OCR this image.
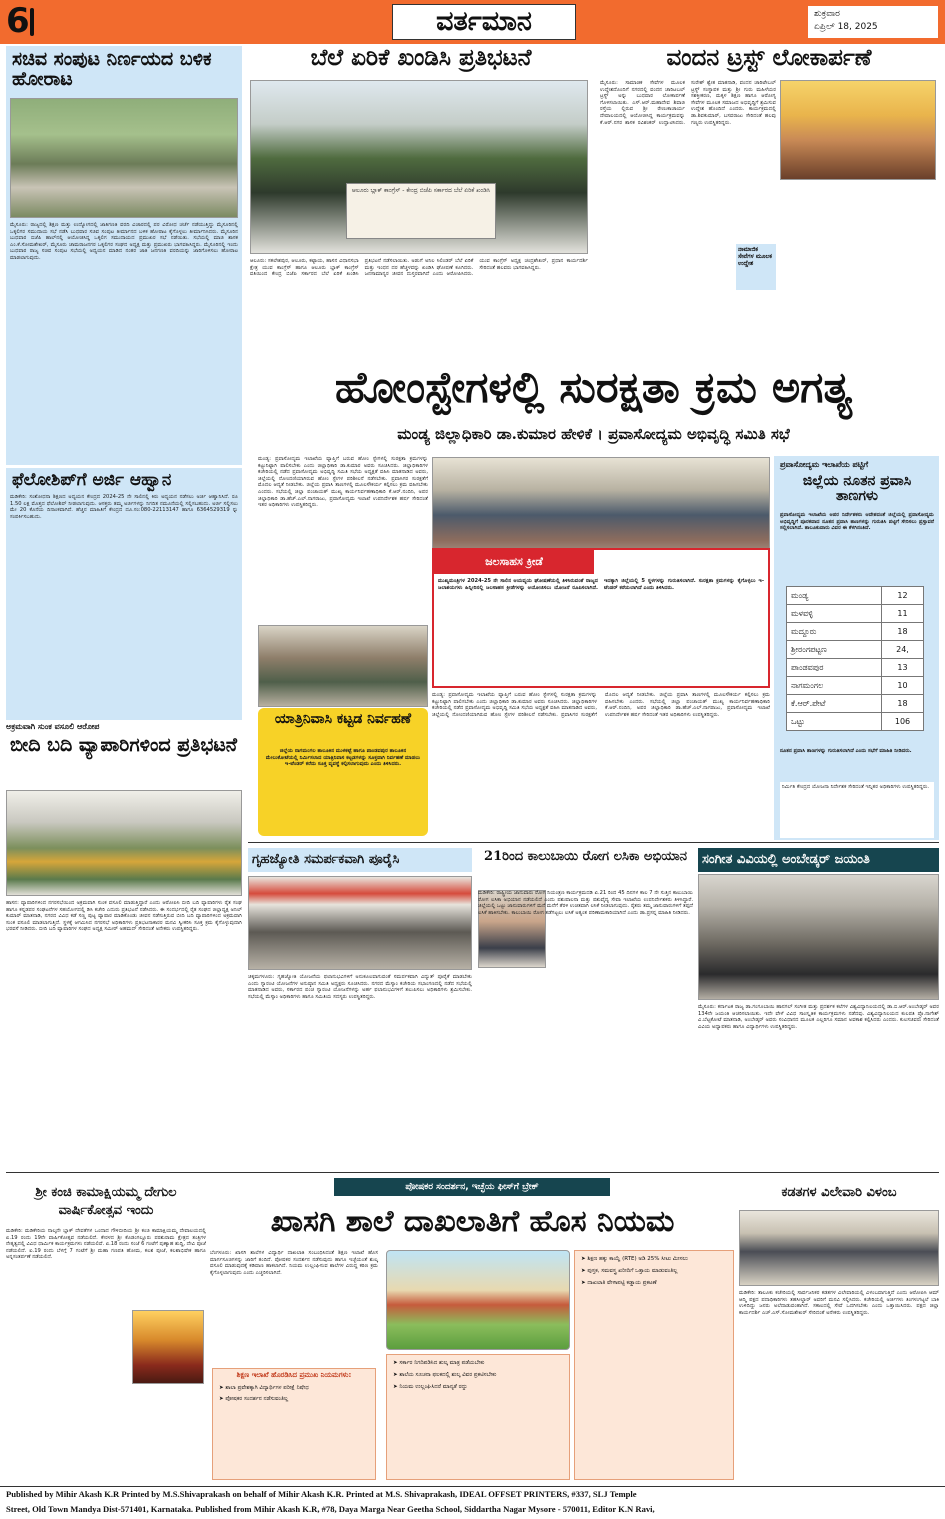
6	ವರ್ತಮಾನ	ಶುಕ್ರವಾರ
ಏಪ್ರಿಲ್ 18, 2025
ಸಚಿವ ಸಂಪುಟ ನಿರ್ಣಯದ ಬಳಿಕ ಹೋರಾಟ
ಮೈಸೂರು: ರಾಜ್ಯದಲ್ಲಿ ಶಿಕ್ಷಣ ಮತ್ತು ಉದ್ಯೋಗದಲ್ಲಿ ಜಾತಿಗಣತಿ ವರದಿ ವಿಚಾರದಲ್ಲಿ ಪರ ವಿರೋಧ ಚರ್ಚೆ ನಡೆಯುತ್ತಿದ್ದು ಮೈಸೂರಿನಲ್ಲಿ ಒಕ್ಕಲಿಗರ ಸಮುದಾಯ ಸಭೆ ನಡೆಸಿ ಬುಧವಾರ ಸಚಿವ ಸಂಪುಟ ತೀರ್ಮಾನದ ಬಳಿಕ ಹೋರಾಟ ಕೈಗೊಳ್ಳಲು ತೀರ್ಮಾನಿಸಿದರು. ಮೈಸೂರಿನ ಬುಧವಾರ ಬಿಜೆಪಿ ಹಾಲ್‌ನಲ್ಲಿ ಆಯೋಜಿಸಿದ್ದ ಒಕ್ಕಲಿಗ ಸಮುದಾಯದ ಪ್ರಮುಖರ ಸಭೆ ನಡೆಯಿತು. ಸಭೆಯಲ್ಲಿ ಮಾಜಿ ಶಾಸಕ ಎಂ.ಕೆ.ಸೋಮಶೇಖರ್, ಮೈಸೂರು ಚಾಮರಾಜನಗರ ಒಕ್ಕಲಿಗರ ಸಂಘದ ಅಧ್ಯಕ್ಷ ಮತ್ತು ಪ್ರಮುಖರು ಭಾಗವಹಿಸಿದ್ದರು. ಮೈಸೂರಿನಲ್ಲಿ ಇಂದು ಬುಧವಾರ ರಾಜ್ಯ ಸಚಿವ ಸಂಪುಟ ಸಭೆಯಲ್ಲಿ ಅಧ್ಯಯನ ಮಾಡಿದ ನಂತರ ಜಾತಿ ಜನಗಣತಿ ವರದಿಯನ್ನು ಜಾರಿಗೊಳಿಸಲು ಹೋರಾಟ ಮಾಡಲಾಗುವುದು.
ಫೆಲೋಶಿಪ್‌ಗೆ ಅರ್ಜಿ ಆಹ್ವಾನ
ಮಡಿಕೇರಿ: ಸಂಶೋಧನಾ ಶಿಕ್ಷಣದ ಅಧ್ಯಯನ ಕೇಂದ್ರದ 2024-25 ನೇ ಸಾಲಿನಲ್ಲಿ ಕಿರು ಅಧ್ಯಯನ ನಡೆಸಲು ಅರ್ಜಿ ಆಹ್ವಾನಿಸಿದೆ. ರೂ 1.50 ಲಕ್ಷ ಮೊತ್ತದ ಫೆಲೋಶಿಪ್ ನೀಡಲಾಗುವುದು. ಆಸಕ್ತರು ತಮ್ಮ ಅರ್ಜಿಗಳನ್ನು ನಿಗದಿತ ನಮೂನೆಯಲ್ಲಿ ಸಲ್ಲಿಸಬಹುದು. ಅರ್ಜಿ ಸಲ್ಲಿಸಲು ಮೇ 20 ಕೊನೆಯ ದಿನಾಂಕವಾಗಿದೆ. ಹೆಚ್ಚಿನ ಮಾಹಿತಿಗೆ ಕೇಂದ್ರದ ದೂ.ಸಂ:080-22113147 ಹಾಗೂ 6364529319 ನ್ನು ಸಂಪರ್ಕಿಸಬಹುದು.
ಅಕ್ರಮವಾಗಿ ಸುಂಕ ವಸೂಲಿ ಆರೋಪ
ಬೀದಿ ಬದಿ ವ್ಯಾಪಾರಿಗಳಿಂದ ಪ್ರತಿಭಟನೆ
ಹಾಸನ: ವ್ಯಾಪಾರಿಗಳಿಂದ ನಗರಸಭೆಯಿಂದ ಅಕ್ರಮವಾಗಿ ಸುಂಕ ವಸೂಲಿ ಮಾಡುತ್ತಿದ್ದಾರೆ ಎಂದು ಆರೋಪಿಸಿ ಬೀದಿ ಬದಿ ವ್ಯಾಪಾರಿಗಳು ರೈತ ಸಂಘ ಹಾಗೂ ಕನ್ನಡಪರ ಸಂಘಟನೆಗಳ ಸಹಯೋಗದಲ್ಲಿ ಡಿಸಿ ಕಚೇರಿ ಎದುರು ಪ್ರತಿಭಟನೆ ನಡೆಸಿದರು. ಈ ಸಂದರ್ಭದಲ್ಲಿ ರೈತ ಸಂಘದ ಜಿಲ್ಲಾಧ್ಯಕ್ಷ ಅನಿಲ್ ಕುಮಾರ್ ಮಾತನಾಡಿ, ನಗರದ ವಿವಿಧ ಕಡೆ ಸಣ್ಣ ಪುಟ್ಟ ವ್ಯಾಪಾರ ಮಾಡಿಕೊಂಡು ಜೀವನ ನಡೆಸುತ್ತಿರುವ ಬೀದಿ ಬದಿ ವ್ಯಾಪಾರಿಗಳಿಂದ ಅಕ್ರಮವಾಗಿ ಸುಂಕ ವಸೂಲಿ ಮಾಡಲಾಗುತ್ತಿದೆ. ಸ್ಥಳಕ್ಕೆ ಆಗಮಿಸಿದ ನಗರಸಭೆ ಅಧಿಕಾರಿಗಳು ಪ್ರತಿಭಟನಾಕಾರರ ಮನವಿ ಸ್ವೀಕರಿಸಿ ಸೂಕ್ತ ಕ್ರಮ ಕೈಗೊಳ್ಳುವುದಾಗಿ ಭರವಸೆ ನೀಡಿದರು. ಬೀದಿ ಬದಿ ವ್ಯಾಪಾರಿಗಳ ಸಂಘದ ಅಧ್ಯಕ್ಷ ಸಮೀರ್ ಅಹಮದ್ ಸೇರಿದಂತೆ ಅನೇಕರು ಉಪಸ್ಥಿತರಿದ್ದರು.
ಬೆಲೆ ಏರಿಕೆ ಖಂಡಿಸಿ ಪ್ರತಿಭಟನೆ
ಆಲೂರು ಬ್ಲಾಕ್ ಕಾಂಗ್ರೆಸ್ - ಕೇಂದ್ರ ಬಿಜೆಪಿ ಸರ್ಕಾರದ ಬೆಲೆ ಏರಿಕೆ ಖಂಡಿಸಿ
ಆಲೂರು: ಸಕಲೇಶಪುರ, ಆಲೂರು, ಕಟ್ಟಾಯ, ಹಾಸನ ವಿಧಾನಸಭಾ ಕ್ಷೇತ್ರ ಯುವ ಕಾಂಗ್ರೆಸ್ ಹಾಗೂ ಆಲೂರು ಬ್ಲಾಕ್ ಕಾಂಗ್ರೆಸ್ ವತಿಯಿಂದ ಕೇಂದ್ರ ಬಿಜೆಪಿ ಸರ್ಕಾರದ ಬೆಲೆ ಏರಿಕೆ ಖಂಡಿಸಿ ಪ್ರತಿಭಟನೆ ನಡೆಸಲಾಯಿತು. ಅಡುಗೆ ಅನಿಲ ಸಿಲಿಂಡರ್ ಬೆಲೆ ಏರಿಕೆ ಮತ್ತು ಇಂಧನ ದರ ಹೆಚ್ಚಳವನ್ನು ಖಂಡಿಸಿ ಘೋಷಣೆ ಕೂಗಿದರು. ಜನಸಾಮಾನ್ಯರ ಜೀವನ ದುಸ್ತರವಾಗಿದೆ ಎಂದು ಆರೋಪಿಸಿದರು. ಯುವ ಕಾಂಗ್ರೆಸ್ ಅಧ್ಯಕ್ಷ ಚಂದ್ರಶೇಖರ್, ಪ್ರಧಾನ ಕಾರ್ಯದರ್ಶಿ ಸೇರಿದಂತೆ ಹಲವರು ಭಾಗವಹಿಸಿದ್ದರು.
ವಂದನ ಟ್ರಸ್ಟ್ ಲೋಕಾರ್ಪಣೆ
ನಾಮಾಜಿಕ ಸೇವೆಗಳ ಮೂಲಕ ಉದ್ದೇಶ
ಮೈಸೂರು: ಸಾಮಾಜಿಕ ಸೇವೆಗಳ ಮೂಲಕ ಉದ್ದೇಶದೊಂದಿಗೆ ನಗರದಲ್ಲಿ ವಂದನ ಚಾರಿಟಬಲ್ ಟ್ರಸ್ಟ್ ಅನ್ನು ಬುಧವಾರ ಲೋಕಾರ್ಪಣೆ ಗೊಳಿಸಲಾಯಿತು. ಎಸ್.ಆರ್.ಮಹಾದೇವ ಶಿವಾಜಿ ರಸ್ತೆಯ ಲ್ಲಿರುವ ಶ್ರೀ ರೇಣುಕಾಚಾರ್ಯ ದೇವಾಲಯದಲ್ಲಿ ಆಯೋಜಿಸಿದ್ದ ಕಾರ್ಯಕ್ರಮವನ್ನು ಕೆ.ಆರ್.ನಗರ ಶಾಸಕ ರವಿಶಂಕರ್ ಉದ್ಘಾಟಿಸಿದರು. ಸುರೇಶ್ ಶ್ವೇತ ಮಾತನಾಡಿ, ವಂದನ ಚಾರಿಟೇಬಲ್ ಟ್ರಸ್ಟ್ ಸಂಸ್ಥಾಪಕ ಮತ್ತು ಶ್ರೀ ಗುರು ಮಹಿಳೆಯರ ಸಶಕ್ತೀಕರಣ, ಮಕ್ಕಳ ಶಿಕ್ಷಣ ಹಾಗೂ ಆರೋಗ್ಯ ಸೇವೆಗಳ ಮೂಲಕ ಸಮಾಜದ ಅಭಿವೃದ್ಧಿಗೆ ಶ್ರಮಿಸುವ ಉದ್ದೇಶ ಹೊಂದಿದೆ ಎಂದರು. ಕಾರ್ಯಕ್ರಮದಲ್ಲಿ ಡಾ.ಶಿವಕುಮಾರ್, ಬಸವರಾಜು ಸೇರಿದಂತೆ ಹಲವು ಗಣ್ಯರು ಉಪಸ್ಥಿತರಿದ್ದರು.
ಹೋಂಸ್ಟೇಗಳಲ್ಲಿ ಸುರಕ್ಷತಾ ಕ್ರಮ ಅಗತ್ಯ
ಮಂಡ್ಯ ಜಿಲ್ಲಾಧಿಕಾರಿ ಡಾ.ಕುಮಾರ ಹೇಳಿಕೆ । ಪ್ರವಾಸೋದ್ಯಮ ಅಭಿವೃದ್ಧಿ ಸಮಿತಿ ಸಭೆ
ಮಂಡ್ಯ: ಪ್ರವಾಸೋದ್ಯಮ ಇಲಾಖೆಯ ವ್ಯಾಪ್ತಿಗೆ ಬರುವ ಹೋಂ ಸ್ಟೇಗಳಲ್ಲಿ ಸುರಕ್ಷತಾ ಕ್ರಮಗಳನ್ನು ಕಟ್ಟುನಿಟ್ಟಾಗಿ ಪಾಲಿಸಬೇಕು ಎಂದು ಜಿಲ್ಲಾಧಿಕಾರಿ ಡಾ.ಕುಮಾರ ಅವರು ಸೂಚಿಸಿದರು. ಜಿಲ್ಲಾಧಿಕಾರಿಗಳ ಕಚೇರಿಯಲ್ಲಿ ನಡೆದ ಪ್ರವಾಸೋದ್ಯಮ ಅಭಿವೃದ್ಧಿ ಸಮಿತಿ ಸಭೆಯ ಅಧ್ಯಕ್ಷತೆ ವಹಿಸಿ ಮಾತನಾಡಿದ ಅವರು, ಜಿಲ್ಲೆಯಲ್ಲಿ ನೋಂದಣಿಯಾಗಿರುವ ಹೋಂ ಸ್ಟೇಗಳ ಪರಿಶೀಲನೆ ನಡೆಸಬೇಕು. ಪ್ರವಾಸಿಗರ ಸುರಕ್ಷತೆಗೆ ಮೊದಲ ಆದ್ಯತೆ ನೀಡಬೇಕು. ಜಿಲ್ಲೆಯ ಪ್ರವಾಸಿ ತಾಣಗಳಲ್ಲಿ ಮೂಲಸೌಕರ್ಯ ಕಲ್ಪಿಸಲು ಕ್ರಮ ವಹಿಸಬೇಕು ಎಂದರು. ಸಭೆಯಲ್ಲಿ ಜಿಲ್ಲಾ ಪಂಚಾಯತ್ ಮುಖ್ಯ ಕಾರ್ಯನಿರ್ವಹಣಾಧಿಕಾರಿ ಕೆ.ಆರ್.ನಂದಿನಿ, ಅಪರ ಜಿಲ್ಲಾಧಿಕಾರಿ ಡಾ.ಹೆಚ್.ಎಲ್.ನಾಗರಾಜು, ಪ್ರವಾಸೋದ್ಯಮ ಇಲಾಖೆ ಉಪನಿರ್ದೇಶಕ ಹರ್ಷ ಸೇರಿದಂತೆ ಇತರ ಅಧಿಕಾರಿಗಳು ಉಪಸ್ಥಿತರಿದ್ದರು.
ಜಲಸಾಹಸ ಕ್ರೀಡೆ
ಮುಖ್ಯಮಂತ್ರಿಗಳ 2024-25 ನೇ ಸಾಲಿನ ಆಯವ್ಯಯ ಘೋಷಣೆಯಲ್ಲಿ ತಿಳಿಸಿರುವಂತೆ ರಾಜ್ಯದ ಜಲಾಶಯಗಳು ಹಿನ್ನೀರಿನಲ್ಲಿ ಜಲಸಾಹಸ ಕ್ರೀಡೆಗಳನ್ನು ಆಯೋಜಿಸಲು ಯೋಜನೆ ರೂಪಿಸಲಾಗಿದೆ. ಇದಕ್ಕಾಗಿ ಜಿಲ್ಲೆಯಲ್ಲಿ 5 ಸ್ಥಳಗಳನ್ನು ಗುರುತಿಸಲಾಗಿದೆ. ಸುರಕ್ಷತಾ ಕ್ರಮಗಳನ್ನು ಕೈಗೊಳ್ಳಲು ಇ-ಟೆಂಡರ್ ಕರೆಯಲಾಗಿದೆ ಎಂದು ತಿಳಿಸಿದರು.
ಯಾತ್ರಿನಿವಾಸಿ ಕಟ್ಟಡ ನಿರ್ವಹಣೆ
ಜಿಲ್ಲೆಯ ನಾಗಮಂಗಲ ತಾಲೂಕಿನ ಮುಳಕಟ್ಟೆ ಹಾಗೂ ಪಾಂಡವಪುರ ತಾಲೂಕಿನ ಮೇಲುಕೋಟೆಯಲ್ಲಿ ನಿರ್ಮಿಸಲಾದ ಯಾತ್ರಿನಿವಾಸ ಕಟ್ಟಡಗಳನ್ನು ಸೂಕ್ತವಾಗಿ ನಿರ್ವಹಣೆ ಮಾಡಲು ಇ-ಟೆಂಡರ್ ಕರೆದು ಸೂಕ್ತ ವ್ಯವಸ್ಥೆ ಕಲ್ಪಿಸಲಾಗುವುದು ಎಂದು ತಿಳಿಸಿದರು.
ಮಂಡ್ಯ: ಪ್ರವಾಸೋದ್ಯಮ ಇಲಾಖೆಯ ವ್ಯಾಪ್ತಿಗೆ ಬರುವ ಹೋಂ ಸ್ಟೇಗಳಲ್ಲಿ ಸುರಕ್ಷತಾ ಕ್ರಮಗಳನ್ನು ಕಟ್ಟುನಿಟ್ಟಾಗಿ ಪಾಲಿಸಬೇಕು ಎಂದು ಜಿಲ್ಲಾಧಿಕಾರಿ ಡಾ.ಕುಮಾರ ಅವರು ಸೂಚಿಸಿದರು. ಜಿಲ್ಲಾಧಿಕಾರಿಗಳ ಕಚೇರಿಯಲ್ಲಿ ನಡೆದ ಪ್ರವಾಸೋದ್ಯಮ ಅಭಿವೃದ್ಧಿ ಸಮಿತಿ ಸಭೆಯ ಅಧ್ಯಕ್ಷತೆ ವಹಿಸಿ ಮಾತನಾಡಿದ ಅವರು, ಜಿಲ್ಲೆಯಲ್ಲಿ ನೋಂದಣಿಯಾಗಿರುವ ಹೋಂ ಸ್ಟೇಗಳ ಪರಿಶೀಲನೆ ನಡೆಸಬೇಕು. ಪ್ರವಾಸಿಗರ ಸುರಕ್ಷತೆಗೆ ಮೊದಲ ಆದ್ಯತೆ ನೀಡಬೇಕು. ಜಿಲ್ಲೆಯ ಪ್ರವಾಸಿ ತಾಣಗಳಲ್ಲಿ ಮೂಲಸೌಕರ್ಯ ಕಲ್ಪಿಸಲು ಕ್ರಮ ವಹಿಸಬೇಕು ಎಂದರು. ಸಭೆಯಲ್ಲಿ ಜಿಲ್ಲಾ ಪಂಚಾಯತ್ ಮುಖ್ಯ ಕಾರ್ಯನಿರ್ವಹಣಾಧಿಕಾರಿ ಕೆ.ಆರ್.ನಂದಿನಿ, ಅಪರ ಜಿಲ್ಲಾಧಿಕಾರಿ ಡಾ.ಹೆಚ್.ಎಲ್.ನಾಗರಾಜು, ಪ್ರವಾಸೋದ್ಯಮ ಇಲಾಖೆ ಉಪನಿರ್ದೇಶಕ ಹರ್ಷ ಸೇರಿದಂತೆ ಇತರ ಅಧಿಕಾರಿಗಳು ಉಪಸ್ಥಿತರಿದ್ದರು.
ಪ್ರವಾಸೋದ್ಯಮ ಇಲಾಖೆಯ ಪಟ್ಟಿಗೆ
ಜಿಲ್ಲೆಯ ನೂತನ ಪ್ರವಾಸಿ ತಾಣಗಳು
ಪ್ರವಾಸೋದ್ಯಮ ಇಲಾಖೆಯ ಅಪರ ನಿರ್ದೇಶಕರು ಆದೇಶದಂತೆ ಜಿಲ್ಲೆಯಲ್ಲಿ ಪ್ರವಾಸೋದ್ಯಮ ಅಭಿವೃದ್ಧಿಗೆ ಪೂರಕವಾದ ನೂತನ ಪ್ರವಾಸಿ ತಾಣಗಳನ್ನು ಗುರುತಿಸಿ ಪಟ್ಟಿಗೆ ಸೇರಿಸಲು ಪ್ರಸ್ತಾವನೆ ಸಲ್ಲಿಸಲಾಗಿದೆ. ತಾಲೂಕುವಾರು ವಿವರ ಈ ಕೆಳಗಿನಂತಿದೆ.
ಮಂಡ್ಯ	12
ಮಳವಳ್ಳಿ	11
ಮದ್ದೂರು	18
ಶ್ರೀರಂಗಪಟ್ಟಣ	24,
ಪಾಂಡವಪುರ	13
ನಾಗಮಂಗಲ	10
ಕೆ.ಆರ್.ಪೇಟೆ	18
ಒಟ್ಟು	106
ನೂತನ ಪ್ರವಾಸಿ ತಾಣಗಳನ್ನು ಗುರುತಿಸಲಾಗಿದೆ ಎಂದು ಸಭೆಗೆ ಮಾಹಿತಿ ನೀಡಿದರು.
ನಿರ್ಮಿತಿ ಕೇಂದ್ರದ ಯೋಜನಾ ನಿರ್ದೇಶಕ ಸೇರಿದಂತೆ ಇನ್ನಿತರ ಅಧಿಕಾರಿಗಳು ಉಪಸ್ಥಿತರಿದ್ದರು.
ಗೃಹಜ್ಯೋತಿ ಸಮರ್ಪಕವಾಗಿ ಪೂರೈಸಿ
ಚಿಕ್ಕಮಗಳೂರು: ಗೃಹಜ್ಯೋತಿ ಯೋಜನೆಯ ಫಲಾನುಭವಿಗಳಿಗೆ ಅನುಕೂಲವಾಗುವಂತೆ ಸಮರ್ಪಕವಾಗಿ ವಿದ್ಯುತ್ ಪೂರೈಕೆ ಮಾಡಬೇಕು ಎಂದು ಗ್ಯಾರಂಟಿ ಯೋಜನೆಗಳ ಅನುಷ್ಠಾನ ಸಮಿತಿ ಅಧ್ಯಕ್ಷರು ಸೂಚಿಸಿದರು. ನಗರದ ಮೆಸ್ಕಾಂ ಕಚೇರಿಯ ಸಭಾಂಗಣದಲ್ಲಿ ನಡೆದ ಸಭೆಯಲ್ಲಿ ಮಾತನಾಡಿದ ಅವರು, ಸರ್ಕಾರದ ಪಂಚ ಗ್ಯಾರಂಟಿ ಯೋಜನೆಗಳನ್ನು ಅರ್ಹ ಫಲಾನುಭವಿಗಳಿಗೆ ತಲುಪಿಸಲು ಅಧಿಕಾರಿಗಳು ಶ್ರಮಿಸಬೇಕು. ಸಭೆಯಲ್ಲಿ ಮೆಸ್ಕಾಂ ಅಧಿಕಾರಿಗಳು ಹಾಗೂ ಸಮಿತಿಯ ಸದಸ್ಯರು ಉಪಸ್ಥಿತರಿದ್ದರು.
21ರಿಂದ ಕಾಲುಬಾಯಿ ರೋಗ ಲಸಿಕಾ ಅಭಿಯಾನ
ಮಡಿಕೇರಿ: ರಾಷ್ಟ್ರೀಯ ಜಾನುವಾರು ರೋಗ ನಿಯಂತ್ರಣ ಕಾರ್ಯಕ್ರಮದಡಿ ಏ.21 ರಿಂದ 45 ದಿನಗಳ ಕಾಲ 7 ನೇ ಸುತ್ತಿನ ಕಾಲುಬಾಯಿ ರೋಗ ಲಸಿಕಾ ಅಭಿಯಾನ ನಡೆಯಲಿದೆ ಎಂದು ಪಶುಪಾಲನಾ ಮತ್ತು ಪಶುವೈದ್ಯ ಸೇವಾ ಇಲಾಖೆಯ ಉಪನಿರ್ದೇಶಕರು ತಿಳಿಸಿದ್ದಾರೆ. ಜಿಲ್ಲೆಯಲ್ಲಿ ಒಟ್ಟು ಜಾನುವಾರುಗಳಿಗೆ ಮನೆ ಮನೆಗೆ ತೆರಳಿ ಉಚಿತವಾಗಿ ಲಸಿಕೆ ನೀಡಲಾಗುವುದು. ರೈತರು ತಮ್ಮ ಜಾನುವಾರುಗಳಿಗೆ ತಪ್ಪದೆ ಲಸಿಕೆ ಹಾಕಿಸಬೇಕು. ಕಾಲುಬಾಯಿ ರೋಗ ತಡೆಗಟ್ಟಲು ಲಸಿಕೆ ಅತ್ಯಂತ ಪರಿಣಾಮಕಾರಿಯಾಗಿದೆ ಎಂದು ಡಾ.ಪ್ರಸನ್ನ ಮಾಹಿತಿ ನೀಡಿದರು.
ಸಂಗೀತ ವಿವಿಯಲ್ಲಿ ಅಂಬೇಡ್ಕರ್ ಜಯಂತಿ
ಮೈಸೂರು: ಕರ್ನಾಟಕ ರಾಜ್ಯ ಡಾ.ಗಂಗೂಬಾಯಿ ಹಾನಗಲ್ ಸಂಗೀತ ಮತ್ತು ಪ್ರದರ್ಶಕ ಕಲೆಗಳ ವಿಶ್ವವಿದ್ಯಾನಿಲಯದಲ್ಲಿ ಡಾ.ಬಿ.ಆರ್.ಅಂಬೇಡ್ಕರ್ ಅವರ 134ನೇ ಜಯಂತಿ ಆಚರಿಸಲಾಯಿತು. ಇದೇ ವೇಳೆ ವಿವಿಧ ಸಾಂಸ್ಕೃತಿಕ ಕಾರ್ಯಕ್ರಮಗಳು ನಡೆದವು. ವಿಶ್ವವಿದ್ಯಾನಿಲಯದ ಕುಲಪತಿ ಪ್ರೊ.ನಾಗೇಶ್ ವಿ.ಬೆಟ್ಟಕೋಟೆ ಮಾತನಾಡಿ, ಅಂಬೇಡ್ಕರ್ ಅವರು ಸಂವಿಧಾನದ ಮೂಲಕ ಎಲ್ಲರಿಗೂ ಸಮಾನ ಅವಕಾಶ ಕಲ್ಪಿಸಿದರು ಎಂದರು. ಕುಲಸಚಿವರು ಸೇರಿದಂತೆ ವಿವಿಯ ಅಧ್ಯಾಪಕರು ಹಾಗೂ ವಿದ್ಯಾರ್ಥಿಗಳು ಉಪಸ್ಥಿತರಿದ್ದರು.
ಶ್ರೀ ಕಂಚಿ ಕಾಮಾಕ್ಷಿಯಮ್ಮ ದೇಗುಲ ವಾರ್ಷಿಕೋತ್ಸವ ಇಂದು
ಮಡಿಕೇರಿ: ಮಡಿಕೇರಿಯ ನಾಲ್ಕನೇ ಬ್ಲಾಕ್ ದೇವತೆಗಳ ಒಂದಾದ ಗೌಳಿಬೀದಿಯ ಶ್ರೀ ಕಂಚಿ ಕಾಮಾಕ್ಷಿಯಮ್ಮ ದೇವಾಲಯದಲ್ಲಿ ಏ.19 ರಂದು 19ನೇ ವಾರ್ಷಿಕೋತ್ಸವ ನಡೆಯಲಿದೆ. ಕೇರಳದ ಶ್ರೀ ಕೊಡಂಗಲ್ಲೂರು ಪರಶುರಾಮ ಕ್ಷೇತ್ರದ ತಂತ್ರಿಗಳ ನೇತೃತ್ವದಲ್ಲಿ ವಿವಿಧ ಧಾರ್ಮಿಕ ಕಾರ್ಯಕ್ರಮಗಳು ನಡೆಯಲಿವೆ. ಏ.18 ರಂದು ಸಂಜೆ 6 ಗಂಟೆಗೆ ಪುಣ್ಯಾಹ ಶುದ್ಧಿ, ದೇವಿ ಪೂಜೆ ನಡೆಯಲಿದೆ. ಏ.19 ರಂದು ಬೆಳಗ್ಗೆ 7 ಗಂಟೆಗೆ ಶ್ರೀ ಮಹಾ ಗಣಪತಿ ಹೋಮ, ಕಲಶ ಪೂಜೆ, ಕಲಶಾಭಿಷೇಕ ಹಾಗೂ ಅನ್ನಸಂತರ್ಪಣೆ ನಡೆಯಲಿದೆ.
ಪೋಷಕರ ಸಂದರ್ಶನ, ಇಚ್ಛೆಯ ಫೀಸ್‌ಗೆ ಬ್ರೇಕ್
ಖಾಸಗಿ ಶಾಲೆ ದಾಖಲಾತಿಗೆ ಹೊಸ ನಿಯಮ
ಬೆಂಗಳೂರು: ಖಾಸಗಿ ಶಾಲೆಗಳ ವಿದ್ಯಾರ್ಥಿ ದಾಖಲಾತಿ ಸಂಬಂಧಿಸಿದಂತೆ ಶಿಕ್ಷಣ ಇಲಾಖೆ ಹೊಸ ಮಾರ್ಗಸೂಚಿಗಳನ್ನು ಜಾರಿಗೆ ತಂದಿದೆ. ಪೋಷಕರ ಸಂದರ್ಶನ ನಡೆಸುವುದು ಹಾಗೂ ಇಚ್ಛೆಯಂತೆ ಶುಲ್ಕ ವಸೂಲಿ ಮಾಡುವುದಕ್ಕೆ ಕಡಿವಾಣ ಹಾಕಲಾಗಿದೆ. ನಿಯಮ ಉಲ್ಲಂಘಿಸುವ ಶಾಲೆಗಳ ವಿರುದ್ಧ ಕಠಿಣ ಕ್ರಮ ಕೈಗೊಳ್ಳಲಾಗುವುದು ಎಂದು ಎಚ್ಚರಿಸಲಾಗಿದೆ.
ಶಿಕ್ಷಣ ಇಲಾಖೆ ಹೊರಡಿಸಿದ ಪ್ರಮುಖ ನಿಯಮಗಳು:
➤ ಶಾಲಾ ಪ್ರವೇಶಕ್ಕಾಗಿ ವಿದ್ಯಾರ್ಥಿಗಳ ಪರೀಕ್ಷೆ ನಿಷೇಧ
➤ ಪೋಷಕರ ಸಂದರ್ಶನ ನಡೆಸುವಂತಿಲ್ಲ
➤ ಸರ್ಕಾರ ನಿಗದಿಪಡಿಸಿದ ಶುಲ್ಕ ಮಾತ್ರ ಪಡೆಯಬೇಕು
➤ ಶಾಲೆಯ ಸೂಚನಾ ಫಲಕದಲ್ಲಿ ಶುಲ್ಕ ವಿವರ ಪ್ರಕಟಿಸಬೇಕು
➤ ನಿಯಮ ಉಲ್ಲಂಘಿಸಿದರೆ ಮಾನ್ಯತೆ ರದ್ದು
➤ ಶಿಕ್ಷಣ ಹಕ್ಕು ಕಾಯ್ದೆ (RTE) ಅಡಿ 25% ಸೀಟು ಮೀಸಲು
➤ ಪುಸ್ತಕ, ಸಮವಸ್ತ್ರ ಖರೀದಿಗೆ ಒತ್ತಾಯ ಮಾಡುವಂತಿಲ್ಲ
➤ ದಾಖಲಾತಿ ವೇಳಾಪಟ್ಟಿ ಕಡ್ಡಾಯ ಪ್ರಕಟಣೆ
ಕಡತಗಳ ವಿಲೇವಾರಿ ವಿಳಂಬ
ಮಡಿಕೇರಿ: ತಾಲೂಕು ಕಚೇರಿಯಲ್ಲಿ ಸಾರ್ವಜನಿಕರ ಕಡತಗಳ ವಿಲೇವಾರಿಯಲ್ಲಿ ವಿಳಂಬವಾಗುತ್ತಿದೆ ಎಂದು ಆರೋಪಿಸಿ ಆಮ್ ಆದ್ಮಿ ಪಕ್ಷದ ಪದಾಧಿಕಾರಿಗಳು ತಹಸೀಲ್ದಾರ್ ಅವರಿಗೆ ಮನವಿ ಸಲ್ಲಿಸಿದರು. ಕಚೇರಿಯಲ್ಲಿ ಅರ್ಜಿಗಳು ತಿಂಗಳುಗಟ್ಟಲೆ ಬಾಕಿ ಉಳಿದಿದ್ದು ಜನರು ಅಲೆದಾಡುವಂತಾಗಿದೆ. ಸಕಾಲದಲ್ಲಿ ಸೇವೆ ಒದಗಿಸಬೇಕು ಎಂದು ಒತ್ತಾಯಿಸಿದರು. ಪಕ್ಷದ ಜಿಲ್ಲಾ ಕಾರ್ಯದರ್ಶಿ ಎಚ್.ಎಸ್.ಸೋಮಶೇಖರ್ ಸೇರಿದಂತೆ ಅನೇಕರು ಉಪಸ್ಥಿತರಿದ್ದರು.
Published by Mihir Akash K.R Printed by M.S.Shivaprakash on behalf of Mihir Akash K.R. Printed at M.S. Shivaprakash, IDEAL OFFSET PRINTERS, #337, SLJ Temple
Street, Old Town Mandya Dist-571401, Karnataka. Published from Mihir Akash K.R, #78, Daya Marga Near Geetha School, Siddartha Nagar Mysore - 570011, Editor K.N Ravi,
